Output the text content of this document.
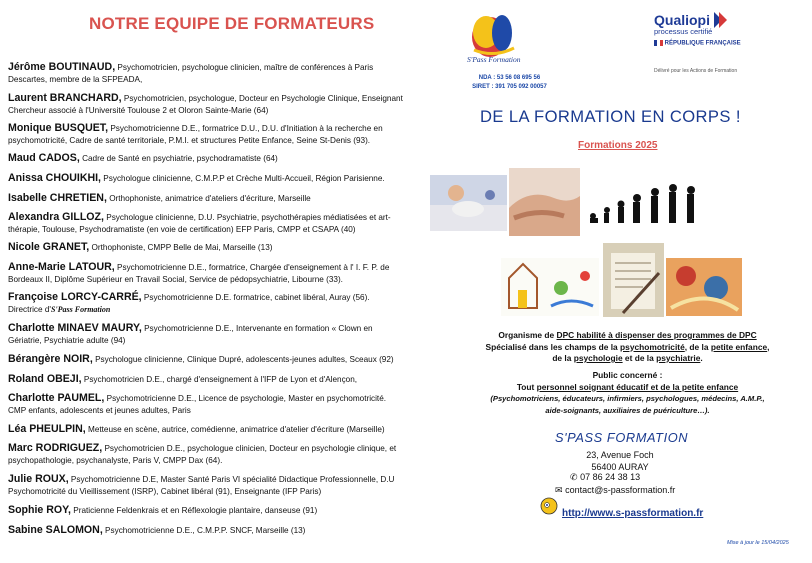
NOTRE EQUIPE DE FORMATEURS
Jérôme BOUTINAUD, Psychomotricien, psychologue clinicien, maître de conférences à Paris Descartes, membre de la SFPEADA,
Laurent BRANCHARD, Psychomotricien, psychologue, Docteur en Psychologie Clinique, Enseignant Chercheur associé à l'Université Toulouse 2 et Oloron Sainte-Marie (64)
Monique BUSQUET, Psychomotricienne D.E., formatrice D.U., D.U. d'Initiation à la recherche en psychomotricité, Cadre de santé territoriale, P.M.I. et structures Petite Enfance, Seine St-Denis (93).
Maud CADOS, Cadre de Santé en psychiatrie, psychodramatiste (64)
Anissa CHOUIKHI, Psychologue clinicienne, C.M.P.P et Crèche Multi-Accueil, Région Parisienne.
Isabelle CHRETIEN, Orthophoniste, animatrice d'ateliers d'écriture, Marseille
Alexandra GILLOZ, Psychologue clinicienne, D.U. Psychiatrie, psychothérapies médiatisées et art-thérapie, Toulouse, Psychodramatiste (en voie de certification) EFP Paris, CMPP et CSAPA (40)
Nicole GRANET, Orthophoniste, CMPP Belle de Mai, Marseille (13)
Anne-Marie LATOUR, Psychomotricienne D.E., formatrice, Chargée d'enseignement à l' I. F. P. de Bordeaux II, Diplôme Supérieur en Travail Social, Service de pédopsychiatrie, Libourne (33).
Françoise LORCY-CARRÉ, Psychomotricienne D.E. formatrice, cabinet libéral, Auray (56). Directrice d'S'Pass Formation
Charlotte MINAEV MAURY, Psychomotricienne D.E., Intervenante en formation « Clown en Gériatrie, Psychiatrie adulte (94)
Bérangère NOIR, Psychologue clinicienne, Clinique Dupré, adolescents-jeunes adultes, Sceaux (92)
Roland OBEJI, Psychomotricien D.E., chargé d'enseignement à l'IFP de Lyon et d'Alençon,
Charlotte PAUMEL, Psychomotricienne D.E., Licence de psychologie, Master en psychomotricité. CMP enfants, adolescents et jeunes adultes, Paris
Léa PHEULPIN, Metteuse en scène, autrice, comédienne, animatrice d'atelier d'écriture (Marseille)
Marc RODRIGUEZ, Psychomotricien D.E., psychologue clinicien, Docteur en psychologie clinique, et psychopathologie, psychanalyste, Paris V, CMPP Dax (64).
Julie ROUX, Psychomotricienne D.E, Master Santé Paris VI spécialité Didactique Professionnelle, D.U Psychomotricité du Vieillissement (ISRP), Cabinet libéral (91), Enseignante (IFP Paris)
Sophie ROY, Praticienne Feldenkrais et en Réflexologie plantaire, danseuse (91)
Sabine SALOMON, Psychomotricienne D.E., C.M.P.P. SNCF, Marseille (13)
S'Pass Formation
NDA : 53 56 08 695 56
SIRET : 391 705 092 00057
Qualiopi
processus certifié
RÉPUBLIQUE FRANÇAISE
Délivré pour les Actions de Formation
DE LA FORMATION EN CORPS !
Formations 2025
Organisme de DPC habilité à dispenser des programmes de DPC
Spécialisé dans les champs de la psychomotricité, de la petite enfance,
de la psychologie et de la psychiatrie.
Public concerné :
Tout personnel soignant éducatif et de la petite enfance
(Psychomotriciens, éducateurs, infirmiers, psychologues, médecins, A.M.P.,
aide-soignants, auxiliaires de puériculture…).
S'PASS FORMATION
23, Avenue Foch
56400 AURAY
✆ 07 86 24 38 13
✉ contact@s-passformation.fr
http://www.s-passformation.fr
Mise à jour le 15/04/2025
